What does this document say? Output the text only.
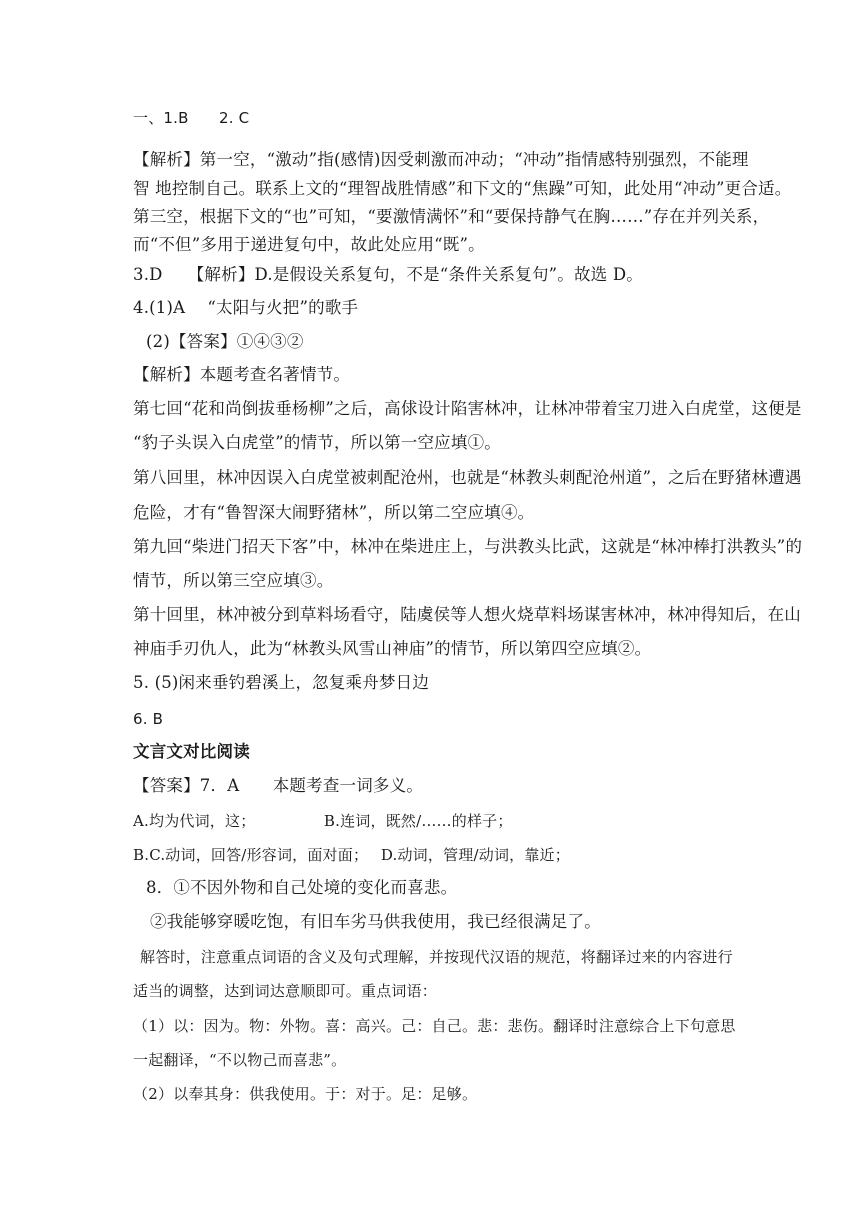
一、1.B　　2. C
【解析】第一空，“激动”指(感情)因受刺激而冲动；“冲动”指情感特别强烈，不能理
智 地控制自己。联系上文的“理智战胜情感”和下文的“焦躁”可知，此处用“冲动”更合适。
第三空，根据下文的“也”可知，“要激情满怀”和“要保持静气在胸……”存在并列关系，
而“不但”多用于递进复句中，故此处应用“既”。
3.D　　【解析】D.是假设关系复句，不是“条件关系复句”。故选 D。
4.(1)A　 “太阳与火把”的歌手
(2)【答案】①④③②
【解析】本题考查名著情节。
第七回“花和尚倒拔垂杨柳”之后，高俅设计陷害林冲，让林冲带着宝刀进入白虎堂，这便是
“豹子头误入白虎堂”的情节，所以第一空应填①。
第八回里，林冲因误入白虎堂被刺配沧州，也就是“林教头刺配沧州道”，之后在野猪林遭遇
危险，才有“鲁智深大闹野猪林”，所以第二空应填④。
第九回“柴进门招天下客”中，林冲在柴进庄上，与洪教头比武，这就是“林冲棒打洪教头”的
情节，所以第三空应填③。
第十回里，林冲被分到草料场看守，陆虞侯等人想火烧草料场谋害林冲，林冲得知后，在山
神庙手刃仇人，此为“林教头风雪山神庙”的情节，所以第四空应填②。
5. (5)闲来垂钓碧溪上，忽复乘舟梦日边
6. B
文言文对比阅读
【答案】7．A　　本题考查一词多义。
A.均为代词，这；　　　　　B.连词，既然/……的样子；
B.C.动词，回答/形容词，面对面；　 D.动词，管理/动词，靠近；
8．①不因外物和自己处境的变化而喜悲。
②我能够穿暖吃饱，有旧车劣马供我使用，我已经很满足了。
解答时，注意重点词语的含义及句式理解，并按现代汉语的规范，将翻译过来的内容进行
适当的调整，达到词达意顺即可。重点词语：
（1）以：因为。物：外物。喜：高兴。己：自己。悲：悲伤。翻译时注意综合上下句意思
一起翻译，“不以物己而喜悲”。
（2）以奉其身：供我使用。于：对于。足：足够。
